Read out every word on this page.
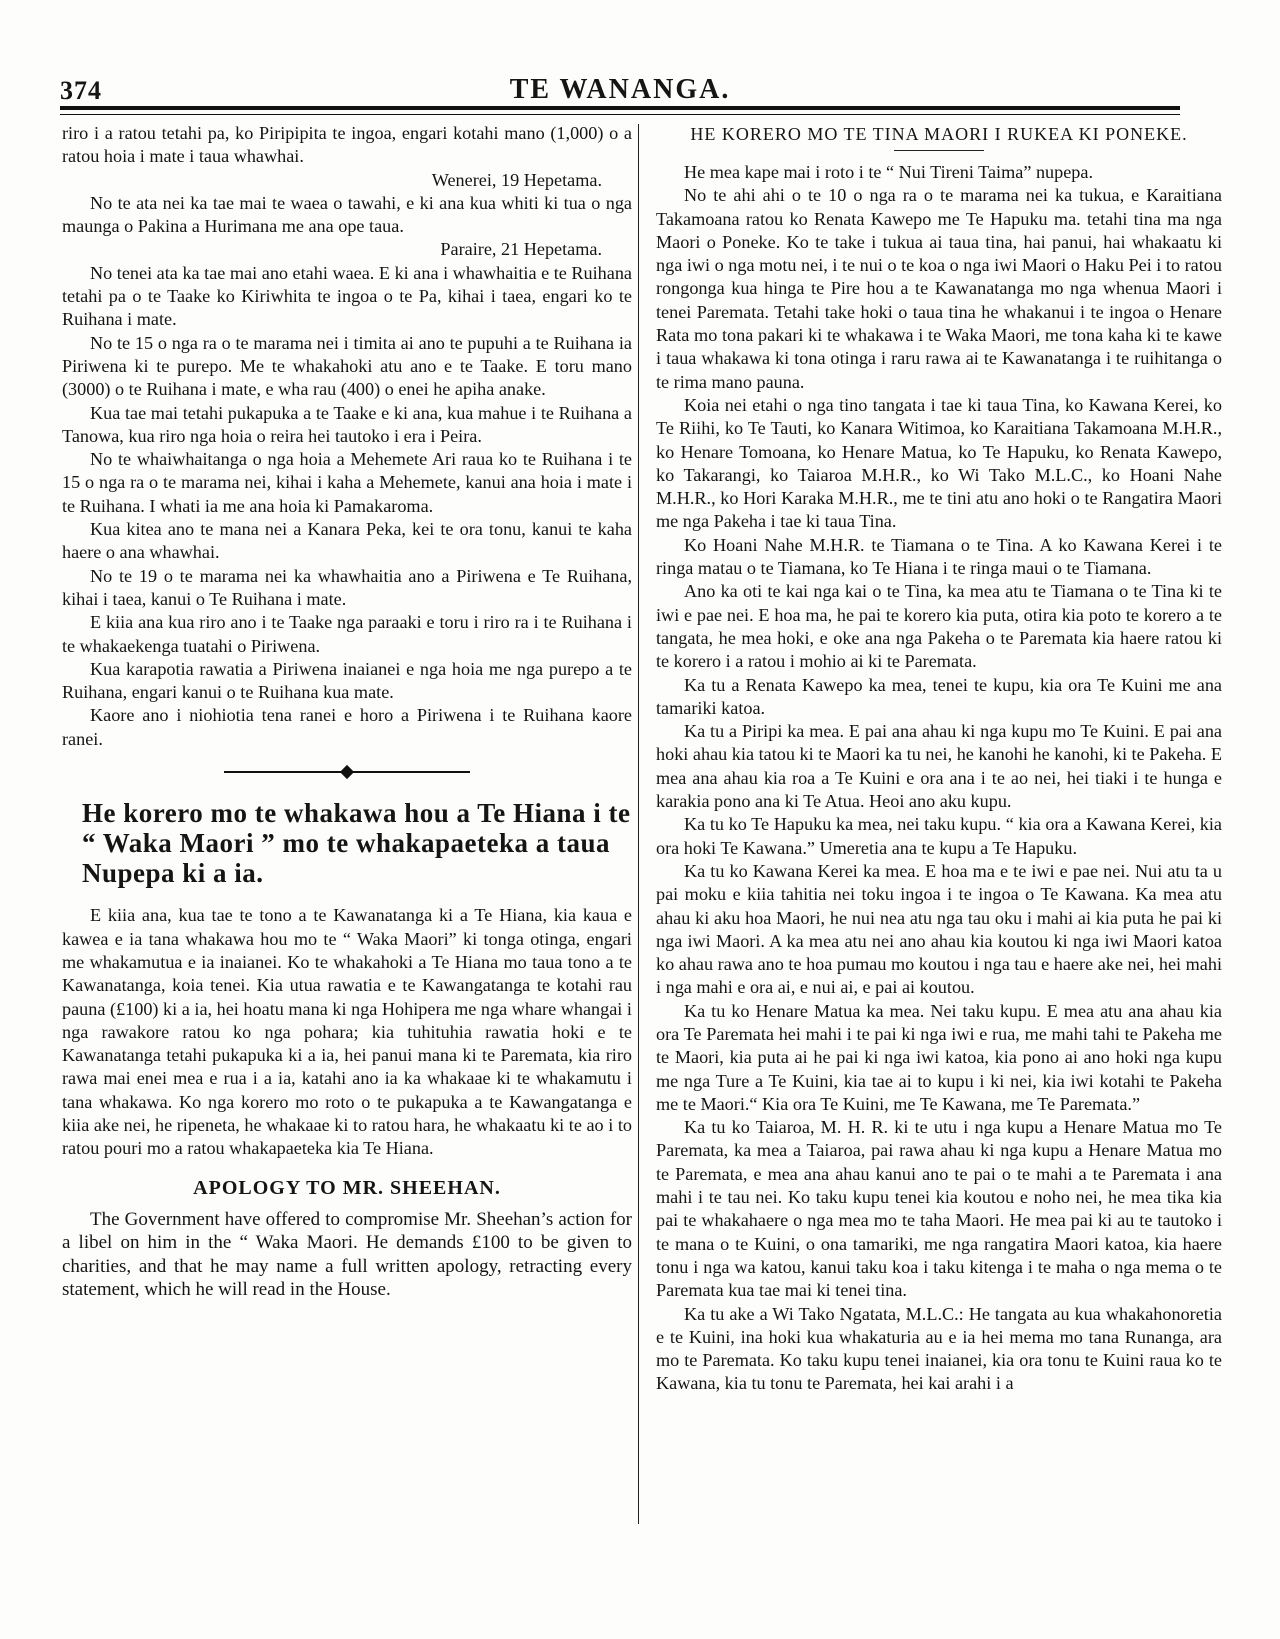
374	TE WANANGA.

riro i a ratou tetahi pa, ko Piripipita te ingoa, engari kotahi mano (1,000) o a ratou hoia i mate i taua whawhai.

Wenerei, 19 Hepetama.

No te ata nei ka tae mai te waea o tawahi, e ki ana kua whiti ki tua o nga maunga o Pakina a Hurimana me ana ope taua.

Paraire, 21 Hepetama.

No tenei ata ka tae mai ano etahi waea. E ki ana i whawhaitia e te Ruihana tetahi pa o te Taake ko Kiriwhita te ingoa o te Pa, kihai i taea, engari ko te Ruihana i mate.

No te 15 o nga ra o te marama nei i timita ai ano te pupuhi a te Ruihana ia Piriwena ki te purepo. Me te whakahoki atu ano e te Taake. E toru mano (3000) o te Ruihana i mate, e wha rau (400) o enei he apiha anake.

Kua tae mai tetahi pukapuka a te Taake e ki ana, kua mahue i te Ruihana a Tanowa, kua riro nga hoia o reira hei tautoko i era i Peira.

No te whaiwhaitanga o nga hoia a Mehemete Ari raua ko te Ruihana i te 15 o nga ra o te marama nei, kihai i kaha a Mehemete, kanui ana hoia i mate i te Ruihana. I whati ia me ana hoia ki Pamakaroma.

Kua kitea ano te mana nei a Kanara Peka, kei te ora tonu, kanui te kaha haere o ana whawhai.

No te 19 o te marama nei ka whawhaitia ano a Piriwena e Te Ruihana, kihai i taea, kanui o Te Ruihana i mate.

E kiia ana kua riro ano i te Taake nga paraaki e toru i riro ra i te Ruihana i te whakaekenga tuatahi o Piriwena.

Kua karapotia rawatia a Piriwena inaianei e nga hoia me nga purepo a te Ruihana, engari kanui o te Ruihana kua mate.

Kaore ano i niohiotia tena ranei e horo a Piriwena i te Ruihana kaore ranei.

He korero mo te whakawa hou a Te Hiana i te “ Waka Maori ” mo te whakapaeteka a taua Nupepa ki a ia.

E kiia ana, kua tae te tono a te Kawanatanga ki a Te Hiana, kia kaua e kawea e ia tana whakawa hou mo te “ Waka Maori” ki tonga otinga, engari me whakamutua e ia inaianei. Ko te whakahoki a Te Hiana mo taua tono a te Kawanatanga, koia tenei. Kia utua rawatia e te Kawangatanga te kotahi rau pauna (£100) ki a ia, hei hoatu mana ki nga Hohipera me nga whare whangai i nga rawakore ratou ko nga pohara; kia tuhituhia rawatia hoki e te Kawanatanga tetahi pukapuka ki a ia, hei panui mana ki te Paremata, kia riro rawa mai enei mea e rua i a ia, katahi ano ia ka whakaae ki te whakamutu i tana whakawa. Ko nga korero mo roto o te pukapuka a te Kawangatanga e kiia ake nei, he ripeneta, he whakaae ki to ratou hara, he whakaatu ki te ao i to ratou pouri mo a ratou whakapaeteka kia Te Hiana.

APOLOGY TO MR. SHEEHAN.

The Government have offered to compromise Mr. Sheehan’s action for a libel on him in the “ Waka Maori. He demands £100 to be given to charities, and that he may name a full written apology, retracting every statement, which he will read in the House.

HE KORERO MO TE TINA MAORI I RUKEA KI PONEKE.

He mea kape mai i roto i te “ Nui Tireni Taima” nupepa.

No te ahi ahi o te 10 o nga ra o te marama nei ka tukua, e Karaitiana Takamoana ratou ko Renata Kawepo me Te Hapuku ma. tetahi tina ma nga Maori o Poneke. Ko te take i tukua ai taua tina, hai panui, hai whakaatu ki nga iwi o nga motu nei, i te nui o te koa o nga iwi Maori o Haku Pei i to ratou rongonga kua hinga te Pire hou a te Kawanatanga mo nga whenua Maori i tenei Paremata. Tetahi take hoki o taua tina he whakanui i te ingoa o Henare Rata mo tona pakari ki te whakawa i te Waka Maori, me tona kaha ki te kawe i taua whakawa ki tona otinga i raru rawa ai te Kawanatanga i te ruihitanga o te rima mano pauna.

Koia nei etahi o nga tino tangata i tae ki taua Tina, ko Kawana Kerei, ko Te Riihi, ko Te Tauti, ko Kanara Witimoa, ko Karaitiana Takamoana M.H.R., ko Henare Tomoana, ko Henare Matua, ko Te Hapuku, ko Renata Kawepo, ko Takarangi, ko Taiaroa M.H.R., ko Wi Tako M.L.C., ko Hoani Nahe M.H.R., ko Hori Karaka M.H.R., me te tini atu ano hoki o te Rangatira Maori me nga Pakeha i tae ki taua Tina.

Ko Hoani Nahe M.H.R. te Tiamana o te Tina. A ko Kawana Kerei i te ringa matau o te Tiamana, ko Te Hiana i te ringa maui o te Tiamana.

Ano ka oti te kai nga kai o te Tina, ka mea atu te Tiamana o te Tina ki te iwi e pae nei. E hoa ma, he pai te korero kia puta, otira kia poto te korero a te tangata, he mea hoki, e oke ana nga Pakeha o te Paremata kia haere ratou ki te korero i a ratou i mohio ai ki te Paremata.

Ka tu a Renata Kawepo ka mea, tenei te kupu, kia ora Te Kuini me ana tamariki katoa.

Ka tu a Piripi ka mea. E pai ana ahau ki nga kupu mo Te Kuini. E pai ana hoki ahau kia tatou ki te Maori ka tu nei, he kanohi he kanohi, ki te Pakeha. E mea ana ahau kia roa a Te Kuini e ora ana i te ao nei, hei tiaki i te hunga e karakia pono ana ki Te Atua. Heoi ano aku kupu.

Ka tu ko Te Hapuku ka mea, nei taku kupu. “ kia ora a Kawana Kerei, kia ora hoki Te Kawana.” Umeretia ana te kupu a Te Hapuku.

Ka tu ko Kawana Kerei ka mea. E hoa ma e te iwi e pae nei. Nui atu ta u pai moku e kiia tahitia nei toku ingoa i te ingoa o Te Kawana. Ka mea atu ahau ki aku hoa Maori, he nui nea atu nga tau oku i mahi ai kia puta he pai ki nga iwi Maori. A ka mea atu nei ano ahau kia koutou ki nga iwi Maori katoa ko ahau rawa ano te hoa pumau mo koutou i nga tau e haere ake nei, hei mahi i nga mahi e ora ai, e nui ai, e pai ai koutou.

Ka tu ko Henare Matua ka mea. Nei taku kupu. E mea atu ana ahau kia ora Te Paremata hei mahi i te pai ki nga iwi e rua, me mahi tahi te Pakeha me te Maori, kia puta ai he pai ki nga iwi katoa, kia pono ai ano hoki nga kupu me nga Ture a Te Kuini, kia tae ai to kupu i ki nei, kia iwi kotahi te Pakeha me te Maori.“ Kia ora Te Kuini, me Te Kawana, me Te Paremata.”

Ka tu ko Taiaroa, M. H. R. ki te utu i nga kupu a Henare Matua mo Te Paremata, ka mea a Taiaroa, pai rawa ahau ki nga kupu a Henare Matua mo te Paremata, e mea ana ahau kanui ano te pai o te mahi a te Paremata i ana mahi i te tau nei. Ko taku kupu tenei kia koutou e noho nei, he mea tika kia pai te whakahaere o nga mea mo te taha Maori. He mea pai ki au te tautoko i te mana o te Kuini, o ona tamariki, me nga rangatira Maori katoa, kia haere tonu i nga wa katou, kanui taku koa i taku kitenga i te maha o nga mema o te Paremata kua tae mai ki tenei tina.

Ka tu ake a Wi Tako Ngatata, M.L.C.: He tangata au kua whakahonoretia e te Kuini, ina hoki kua whakaturia au e ia hei mema mo tana Runanga, ara mo te Paremata. Ko taku kupu tenei inaianei, kia ora tonu te Kuini raua ko te Kawana, kia tu tonu te Paremata, hei kai arahi i a
